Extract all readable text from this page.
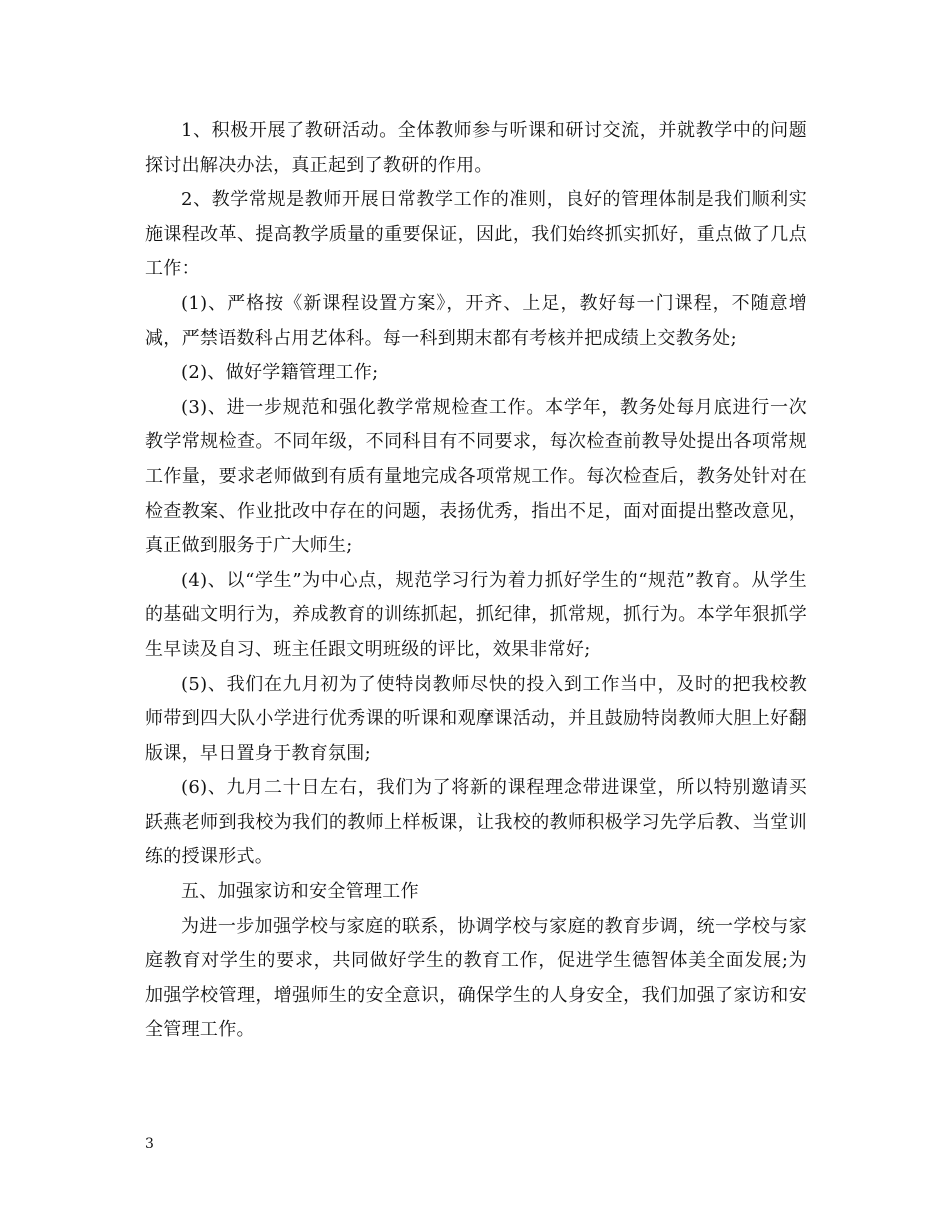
1、积极开展了教研活动。全体教师参与听课和研讨交流，并就教学中的问题探讨出解决办法，真正起到了教研的作用。

2、教学常规是教师开展日常教学工作的准则，良好的管理体制是我们顺利实施课程改革、提高教学质量的重要保证，因此，我们始终抓实抓好，重点做了几点工作：

(1)、严格按《新课程设置方案》，开齐、上足，教好每一门课程，不随意增减，严禁语数科占用艺体科。每一科到期末都有考核并把成绩上交教务处;

(2)、做好学籍管理工作;

(3)、进一步规范和强化教学常规检查工作。本学年，教务处每月底进行一次教学常规检查。不同年级，不同科目有不同要求，每次检查前教导处提出各项常规工作量，要求老师做到有质有量地完成各项常规工作。每次检查后，教务处针对在检查教案、作业批改中存在的问题，表扬优秀，指出不足，面对面提出整改意见，真正做到服务于广大师生;

(4)、以“学生”为中心点，规范学习行为着力抓好学生的“规范”教育。从学生的基础文明行为，养成教育的训练抓起，抓纪律，抓常规，抓行为。本学年狠抓学生早读及自习、班主任跟文明班级的评比，效果非常好;

(5)、我们在九月初为了使特岗教师尽快的投入到工作当中，及时的把我校教师带到四大队小学进行优秀课的听课和观摩课活动，并且鼓励特岗教师大胆上好翻版课，早日置身于教育氛围;

(6)、九月二十日左右，我们为了将新的课程理念带进课堂，所以特别邀请买跃燕老师到我校为我们的教师上样板课，让我校的教师积极学习先学后教、当堂训练的授课形式。

五、加强家访和安全管理工作

为进一步加强学校与家庭的联系，协调学校与家庭的教育步调，统一学校与家庭教育对学生的要求，共同做好学生的教育工作，促进学生德智体美全面发展;为加强学校管理，增强师生的安全意识，确保学生的人身安全，我们加强了家访和安全管理工作。

3
